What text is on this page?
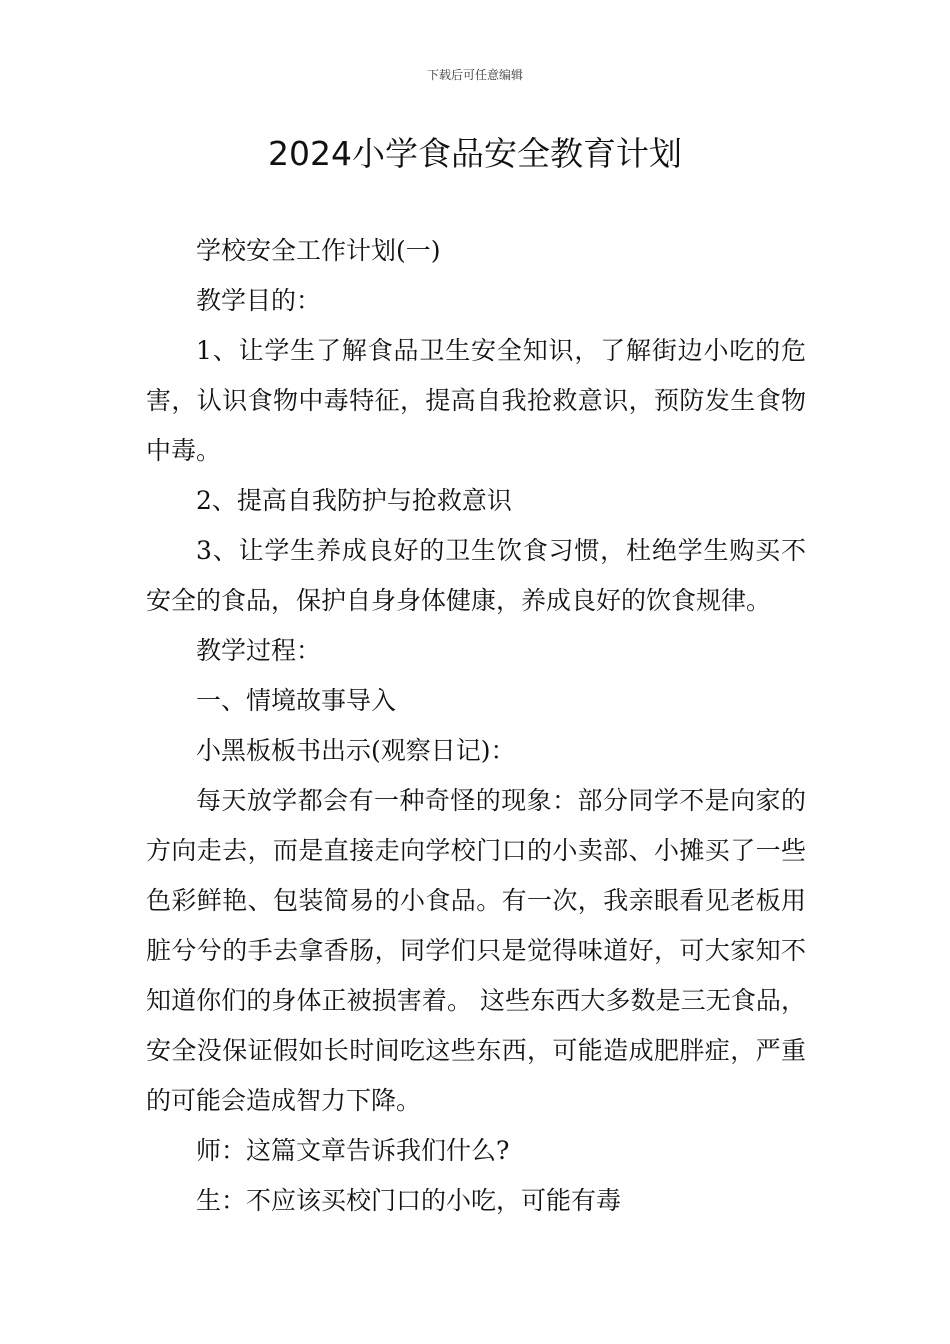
下载后可任意编辑
2024小学食品安全教育计划

学校安全工作计划(一)

教学目的：

1、让学生了解食品卫生安全知识，了解街边小吃的危害，认识食物中毒特征，提高自我抢救意识，预防发生食物中毒。

2、提高自我防护与抢救意识

3、让学生养成良好的卫生饮食习惯，杜绝学生购买不安全的食品，保护自身身体健康，养成良好的饮食规律。

教学过程：

一、情境故事导入

小黑板板书出示(观察日记)：

每天放学都会有一种奇怪的现象：部分同学不是向家的方向走去，而是直接走向学校门口的小卖部、小摊买了一些色彩鲜艳、包装简易的小食品。有一次，我亲眼看见老板用脏兮兮的手去拿香肠，同学们只是觉得味道好，可大家知不知道你们的身体正被损害着。 这些东西大多数是三无食品，安全没保证假如长时间吃这些东西，可能造成肥胖症，严重的可能会造成智力下降。

师：这篇文章告诉我们什么?

生：不应该买校门口的小吃，可能有毒
